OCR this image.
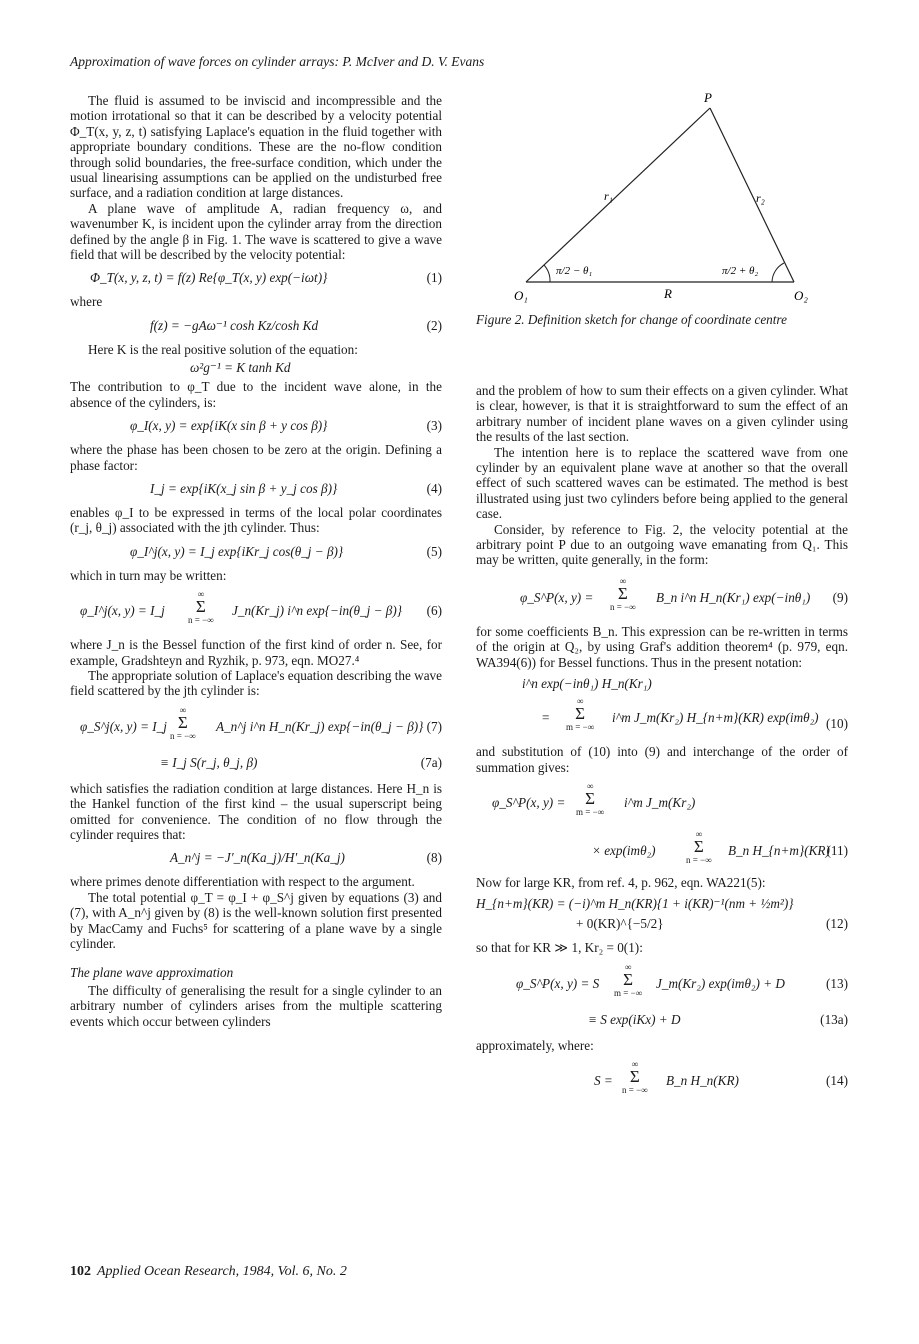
Approximation of wave forces on cylinder arrays: P. McIver and D. V. Evans

The fluid is assumed to be inviscid and incompressible and the motion irrotational so that it can be described by a velocity potential Φ_T(x, y, z, t) satisfying Laplace's equation in the fluid together with appropriate boundary conditions. These are the no-flow condition through solid boundaries, the free-surface condition, which under the usual linearising assumptions can be applied on the undisturbed free surface, and a radiation condition at large distances.

A plane wave of amplitude A, radian frequency ω, and wavenumber K, is incident upon the cylinder array from the direction defined by the angle β in Fig. 1. The wave is scattered to give a wave field that will be described by the velocity potential:

Φ_T(x, y, z, t) = f(z) Re{φ_T(x, y) exp(−iωt)}	(1)

where

f(z) = −gAω⁻¹ cosh Kz/cosh Kd	(2)

Here K is the real positive solution of the equation:

ω²g⁻¹ = K tanh Kd

The contribution to φ_T due to the incident wave alone, in the absence of the cylinders, is:

φ_I(x, y) = exp{iK(x sin β + y cos β)}	(3)

where the phase has been chosen to be zero at the origin. Defining a phase factor:

I_j = exp{iK(x_j sin β + y_j cos β)}	(4)

enables φ_I to be expressed in terms of the local polar coordinates (r_j, θ_j) associated with the jth cylinder. Thus:

φ_I^j(x, y) = I_j exp{iKr_j cos(θ_j − β)}	(5)

which in turn may be written:

φ_I^j(x, y) = I_j
∞
Σ
n = −∞
J_n(Kr_j) i^n exp{−in(θ_j − β)} (6)

where J_n is the Bessel function of the first kind of order n. See, for example, Gradshteyn and Ryzhik, p. 973, eqn. MO27.⁴

The appropriate solution of Laplace's equation describing the wave field scattered by the jth cylinder is:

φ_S^j(x, y) = I_j
∞
Σ
n = −∞
A_n^j i^n H_n(Kr_j) exp{−in(θ_j − β)} (7)
≡ I_j S(r_j, θ_j, β)	(7a)

which satisfies the radiation condition at large distances. Here H_n is the Hankel function of the first kind – the usual superscript being omitted for convenience. The condition of no flow through the cylinder requires that:

A_n^j = −J′_n(Ka_j)/H′_n(Ka_j)	(8)

where primes denote differentiation with respect to the argument.

The total potential φ_T = φ_I + φ_S^j given by equations (3) and (7), with A_n^j given by (8) is the well-known solution first presented by MacCamy and Fuchs⁵ for scattering of a plane wave by a single cylinder.

The plane wave approximation

The difficulty of generalising the result for a single cylinder to an arbitrary number of cylinders arises from the multiple scattering events which occur between cylinders

P
O₁	O₂
r₁	r₂
R
π/2 − θ₁	π/2 + θ₂
Figure 2. Definition sketch for change of coordinate centre

and the problem of how to sum their effects on a given cylinder. What is clear, however, is that it is straightforward to sum the effect of an arbitrary number of incident plane waves on a given cylinder using the results of the last section.

The intention here is to replace the scattered wave from one cylinder by an equivalent plane wave at another so that the overall effect of such scattered waves can be estimated. The method is best illustrated using just two cylinders before being applied to the general case.

Consider, by reference to Fig. 2, the velocity potential at the arbitrary point P due to an outgoing wave emanating from Q₁. This may be written, quite generally, in the form:

φ_S^P(x, y) =
∞
Σ
n = −∞
B_n i^n H_n(Kr₁) exp(−inθ₁) (9)

for some coefficients B_n. This expression can be re-written in terms of the origin at Q₂, by using Graf's addition theorem⁴ (p. 979, eqn. WA394(6)) for Bessel functions. Thus in the present notation:

i^n exp(−inθ₁) H_n(Kr₁)
=
∞
Σ
m = −∞
i^m J_m(Kr₂) H_{n+m}(KR) exp(imθ₂) (10)

and substitution of (10) into (9) and interchange of the order of summation gives:

φ_S^P(x, y) =
∞
Σ
m = −∞
i^m J_m(Kr₂)
× exp(imθ₂)
∞
Σ
n = −∞
B_n H_{n+m}(KR)
(11)

Now for large KR, from ref. 4, p. 962, eqn. WA221(5):

H_{n+m}(KR) = (−i)^m H_n(KR){1 + i(KR)⁻¹(nm + ½m²)}
+ 0(KR)^{−5/2}	(12)

so that for KR ≫ 1, Kr₂ = 0(1):

φ_S^P(x, y) = S
∞
Σ
m = −∞
J_m(Kr₂) exp(imθ₂) + D	(13)
≡ S exp(iKx) + D	(13a)

approximately, where:

S =
∞
Σ
n = −∞
B_n H_n(KR)	(14)
102 Applied Ocean Research, 1984, Vol. 6, No. 2
